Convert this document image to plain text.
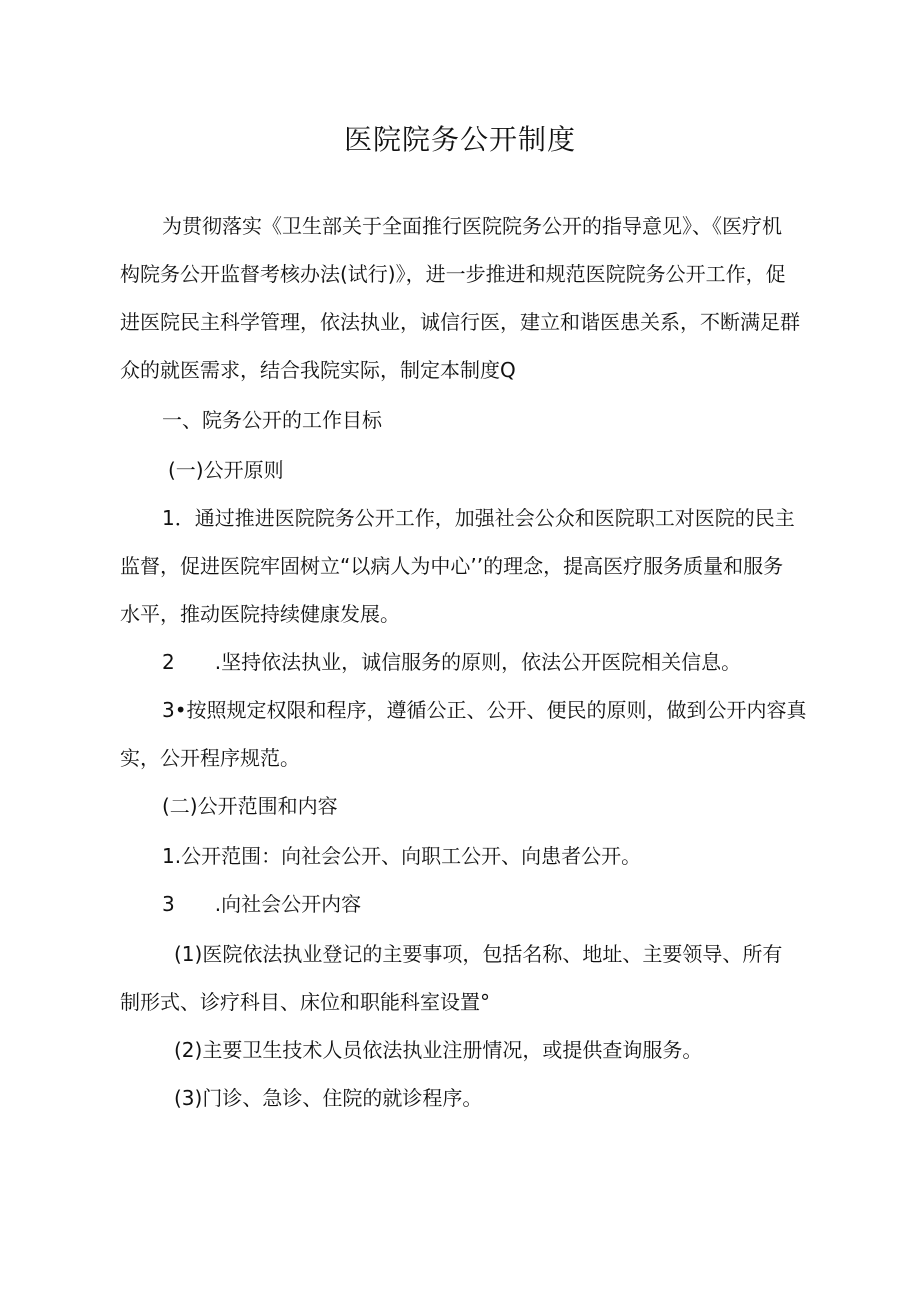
医院院务公开制度

为贯彻落实《卫生部关于全面推行医院院务公开的指导意见》、《医疗机
构院务公开监督考核办法(试行)》，进一步推进和规范医院院务公开工作，促
进医院民主科学管理，依法执业，诚信行医，建立和谐医患关系，不断满足群
众的就医需求，结合我院实际，制定本制度Q

一、院务公开的工作目标

(一)公开原则

1．通过推进医院院务公开工作，加强社会公众和医院职工对医院的民主
监督，促进医院牢固树立“以病人为中心’’的理念，提高医疗服务质量和服务
水平，推动医院持续健康发展。

2　　.坚持依法执业，诚信服务的原则，依法公开医院相关信息。

3•按照规定权限和程序，遵循公正、公开、便民的原则，做到公开内容真
实，公开程序规范。

(二)公开范围和内容

1.公开范围：向社会公开、向职工公开、向患者公开。

3　　.向社会公开内容

(1)医院依法执业登记的主要事项，包括名称、地址、主要领导、所有
制形式、诊疗科目、床位和职能科室设置°

(2)主要卫生技术人员依法执业注册情况，或提供查询服务。

(3)门诊、急诊、住院的就诊程序。
